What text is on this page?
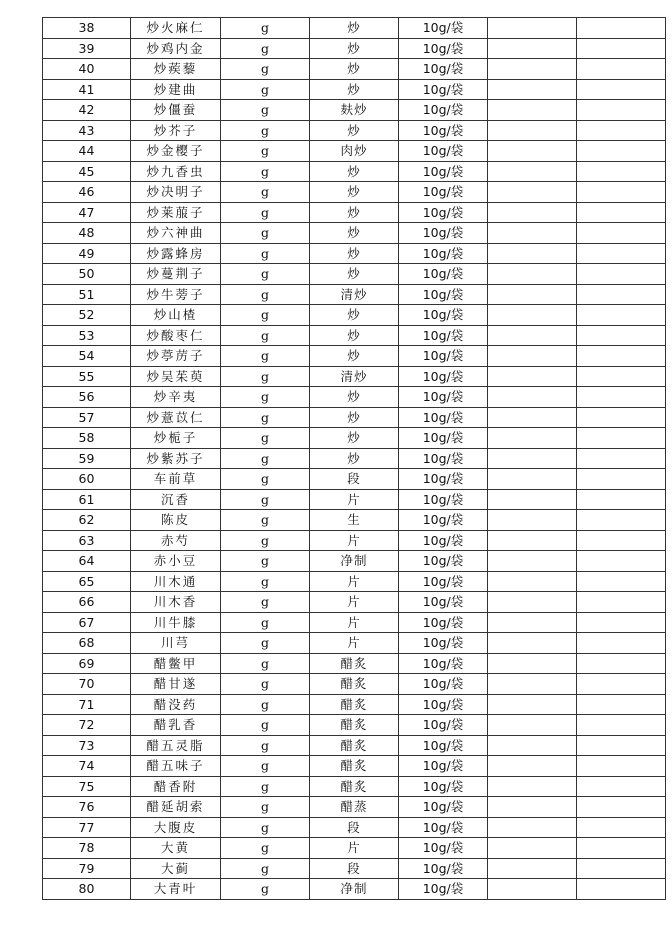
38	炒火麻仁	g	炒	10g/袋		
39	炒鸡内金	g	炒	10g/袋		
40	炒蒺藜	g	炒	10g/袋		
41	炒建曲	g	炒	10g/袋		
42	炒僵蚕	g	麸炒	10g/袋		
43	炒芥子	g	炒	10g/袋		
44	炒金樱子	g	肉炒	10g/袋		
45	炒九香虫	g	炒	10g/袋		
46	炒决明子	g	炒	10g/袋		
47	炒莱菔子	g	炒	10g/袋		
48	炒六神曲	g	炒	10g/袋		
49	炒露蜂房	g	炒	10g/袋		
50	炒蔓荆子	g	炒	10g/袋		
51	炒牛蒡子	g	清炒	10g/袋		
52	炒山楂	g	炒	10g/袋		
53	炒酸枣仁	g	炒	10g/袋		
54	炒葶苈子	g	炒	10g/袋		
55	炒吴茱萸	g	清炒	10g/袋		
56	炒辛夷	g	炒	10g/袋		
57	炒薏苡仁	g	炒	10g/袋		
58	炒栀子	g	炒	10g/袋		
59	炒紫苏子	g	炒	10g/袋		
60	车前草	g	段	10g/袋		
61	沉香	g	片	10g/袋		
62	陈皮	g	生	10g/袋		
63	赤芍	g	片	10g/袋		
64	赤小豆	g	净制	10g/袋		
65	川木通	g	片	10g/袋		
66	川木香	g	片	10g/袋		
67	川牛膝	g	片	10g/袋		
68	川芎	g	片	10g/袋		
69	醋鳖甲	g	醋炙	10g/袋		
70	醋甘遂	g	醋炙	10g/袋		
71	醋没药	g	醋炙	10g/袋		
72	醋乳香	g	醋炙	10g/袋		
73	醋五灵脂	g	醋炙	10g/袋		
74	醋五味子	g	醋炙	10g/袋		
75	醋香附	g	醋炙	10g/袋		
76	醋延胡索	g	醋蒸	10g/袋		
77	大腹皮	g	段	10g/袋		
78	大黄	g	片	10g/袋		
79	大蓟	g	段	10g/袋		
80	大青叶	g	净制	10g/袋		
